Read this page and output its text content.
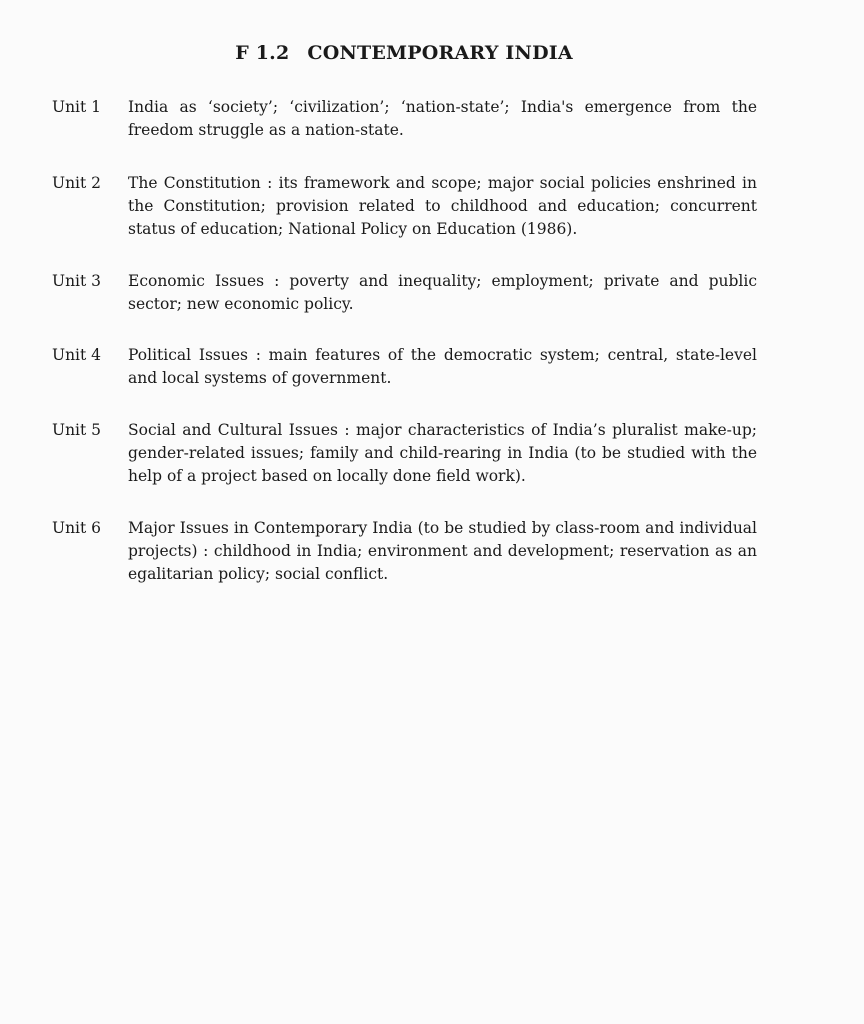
F 1.2 CONTEMPORARY INDIA
Unit 1	India as ‘society’; ‘civilization’; ‘nation-state’; India's emergence from the freedom struggle as a nation-state.
Unit 2	The Constitution : its framework and scope; major social policies enshrined in the Constitution; provision related to childhood and education; concurrent status of education; National Policy on Education (1986).
Unit 3	Economic Issues : poverty and inequality; employment; private and public sector; new economic policy.
Unit 4	Political Issues : main features of the democratic system; central, state-level and local systems of government.
Unit 5	Social and Cultural Issues : major characteristics of India’s pluralist make-up; gender-related issues; family and child-rearing in India (to be studied with the help of a project based on locally done field work).
Unit 6	Major Issues in Contemporary India (to be studied by class-room and individual projects) : childhood in India; environment and development; reservation as an egalitarian policy; social conflict.
